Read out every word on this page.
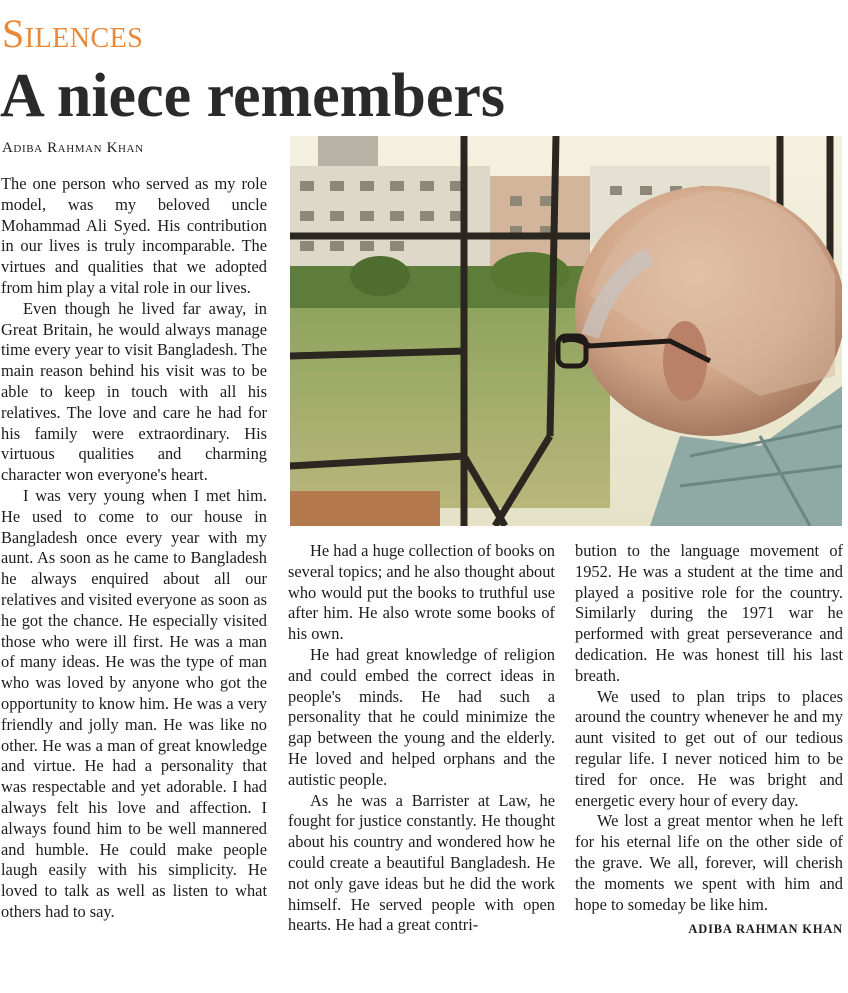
Silences
A niece remembers
Adiba Rahman Khan

The one person who served as my role model, was my beloved uncle Mohammad Ali Syed. His contribution in our lives is truly incomparable. The virtues and qualities that we adopted from him play a vital role in our lives.

Even though he lived far away, in Great Britain, he would always manage time every year to visit Bangladesh. The main reason behind his visit was to be able to keep in touch with all his relatives. The love and care he had for his family were extraordinary. His virtuous qualities and charming character won everyone's heart.

I was very young when I met him. He used to come to our house in Bangladesh once every year with my aunt. As soon as he came to Bangladesh he always enquired about all our relatives and visited everyone as soon as he got the chance. He especially visited those who were ill first. He was a man of many ideas. He was the type of man who was loved by anyone who got the opportunity to know him. He was a very friendly and jolly man. He was like no other. He was a man of great knowledge and virtue. He had a personality that was respectable and yet adorable. I had always felt his love and affection. I always found him to be well mannered and humble. He could make people laugh easily with his simplicity. He loved to talk as well as listen to what others had to say.

He had a huge collection of books on several topics; and he also thought about who would put the books to truthful use after him. He also wrote some books of his own.

He had great knowledge of religion and could embed the correct ideas in people's minds. He had such a personality that he could minimize the gap between the young and the elderly. He loved and helped orphans and the autistic people.

As he was a Barrister at Law, he fought for justice constantly. He thought about his country and wondered how he could create a beautiful Bangladesh. He not only gave ideas but he did the work himself. He served people with open hearts. He had a great contri-

bution to the language movement of 1952. He was a student at the time and played a positive role for the country. Similarly during the 1971 war he performed with great perseverance and dedication. He was honest till his last breath.

We used to plan trips to places around the country whenever he and my aunt visited to get out of our tedious regular life. I never noticed him to be tired for once. He was bright and energetic every hour of every day.

We lost a great mentor when he left for his eternal life on the other side of the grave. We all, forever, will cherish the moments we spent with him and hope to someday be like him.

ADIBA RAHMAN KHAN
